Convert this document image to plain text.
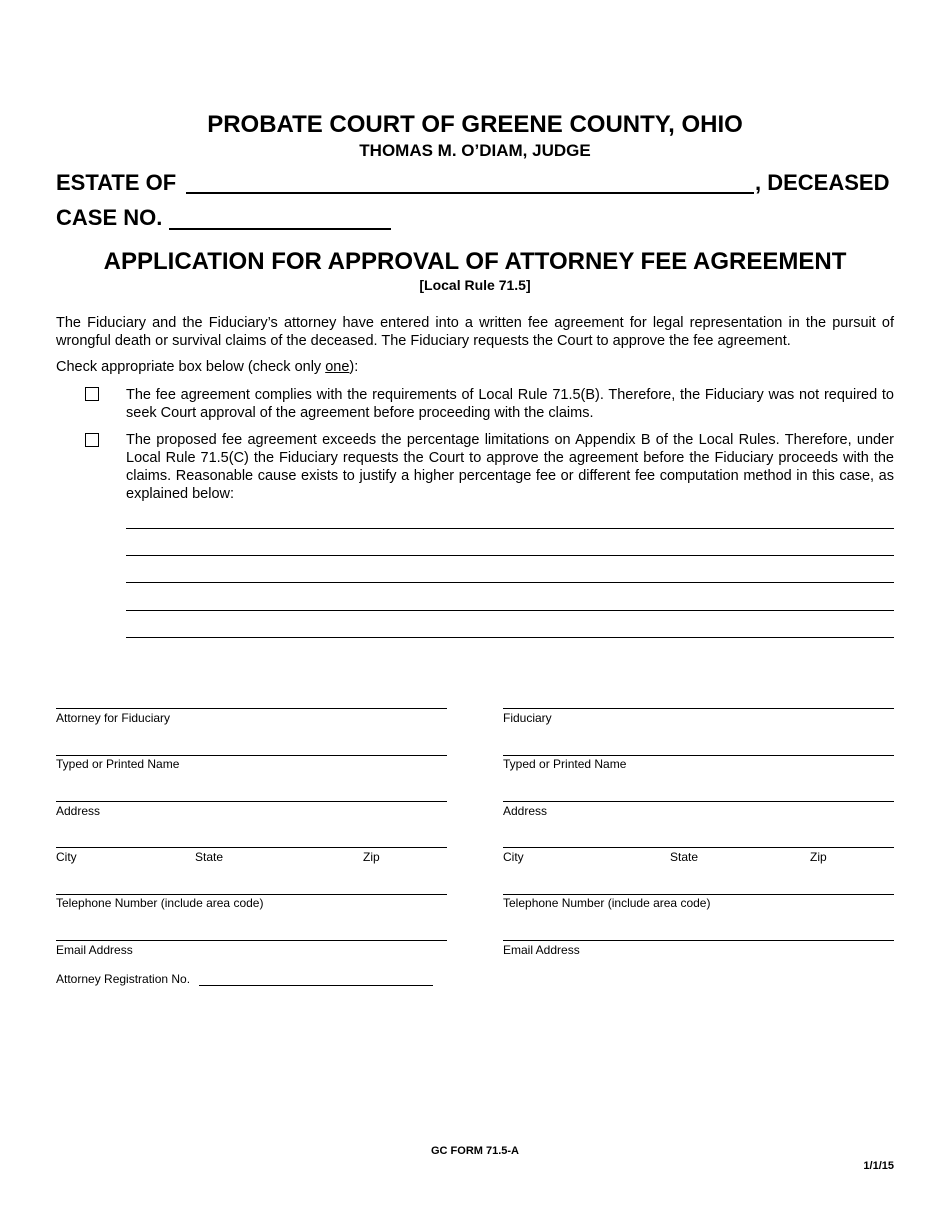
PROBATE COURT OF GREENE COUNTY, OHIO
THOMAS M. O’DIAM, JUDGE
ESTATE OF	, DECEASED
CASE NO.
APPLICATION FOR APPROVAL OF ATTORNEY FEE AGREEMENT
[Local Rule 71.5]
The Fiduciary and the Fiduciary’s attorney have entered into a written fee agreement for legal representation in the pursuit of wrongful death or survival claims of the deceased. The Fiduciary requests the Court to approve the fee agreement.
Check appropriate box below (check only one):
The fee agreement complies with the requirements of Local Rule 71.5(B). Therefore, the Fiduciary was not required to seek Court approval of the agreement before proceeding with the claims.
The proposed fee agreement exceeds the percentage limitations on Appendix B of the Local Rules. Therefore, under Local Rule 71.5(C) the Fiduciary requests the Court to approve the agreement before the Fiduciary proceeds with the claims. Reasonable cause exists to justify a higher percentage fee or different fee computation method in this case, as explained below:
Attorney for Fiduciary
Typed or Printed Name
Address
City	State	Zip
Telephone Number (include area code)
Email Address
Attorney Registration No.
Fiduciary
Typed or Printed Name
Address
City	State	Zip
Telephone Number (include area code)
Email Address
GC FORM 71.5-A
1/1/15
